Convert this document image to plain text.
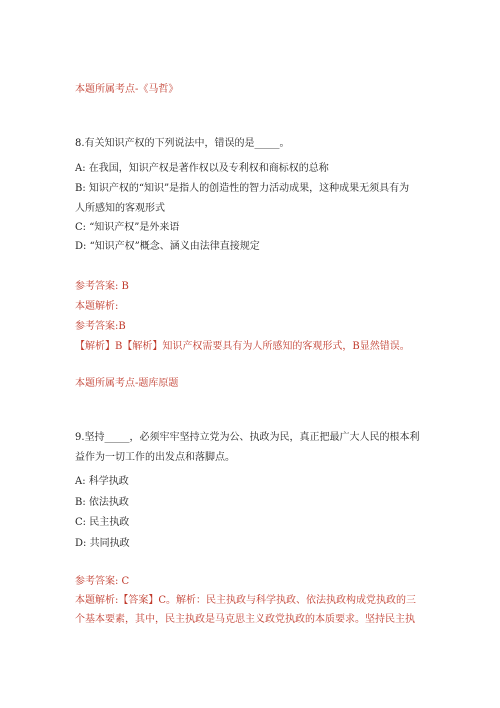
本题所属考点-《马哲》
8.有关知识产权的下列说法中，错误的是_____。
A: 在我国，知识产权是著作权以及专利权和商标权的总称
B: 知识产权的“知识”是指人的创造性的智力活动成果，这种成果无须具有为
人所感知的客观形式
C: “知识产权”是外来语
D: “知识产权”概念、涵义由法律直接规定
参考答案: B
本题解析:
参考答案:B
【解析】B【解析】知识产权需要具有为人所感知的客观形式，B显然错误。
本题所属考点-题库原题
9.坚持_____，必须牢牢坚持立党为公、执政为民，真正把最广大人民的根本利
益作为一切工作的出发点和落脚点。
A: 科学执政
B: 依法执政
C: 民主执政
D: 共同执政
参考答案: C
本题解析:【答案】C。解析：民主执政与科学执政、依法执政构成党执政的三
个基本要素，其中，民主执政是马克思主义政党执政的本质要求。坚持民主执
